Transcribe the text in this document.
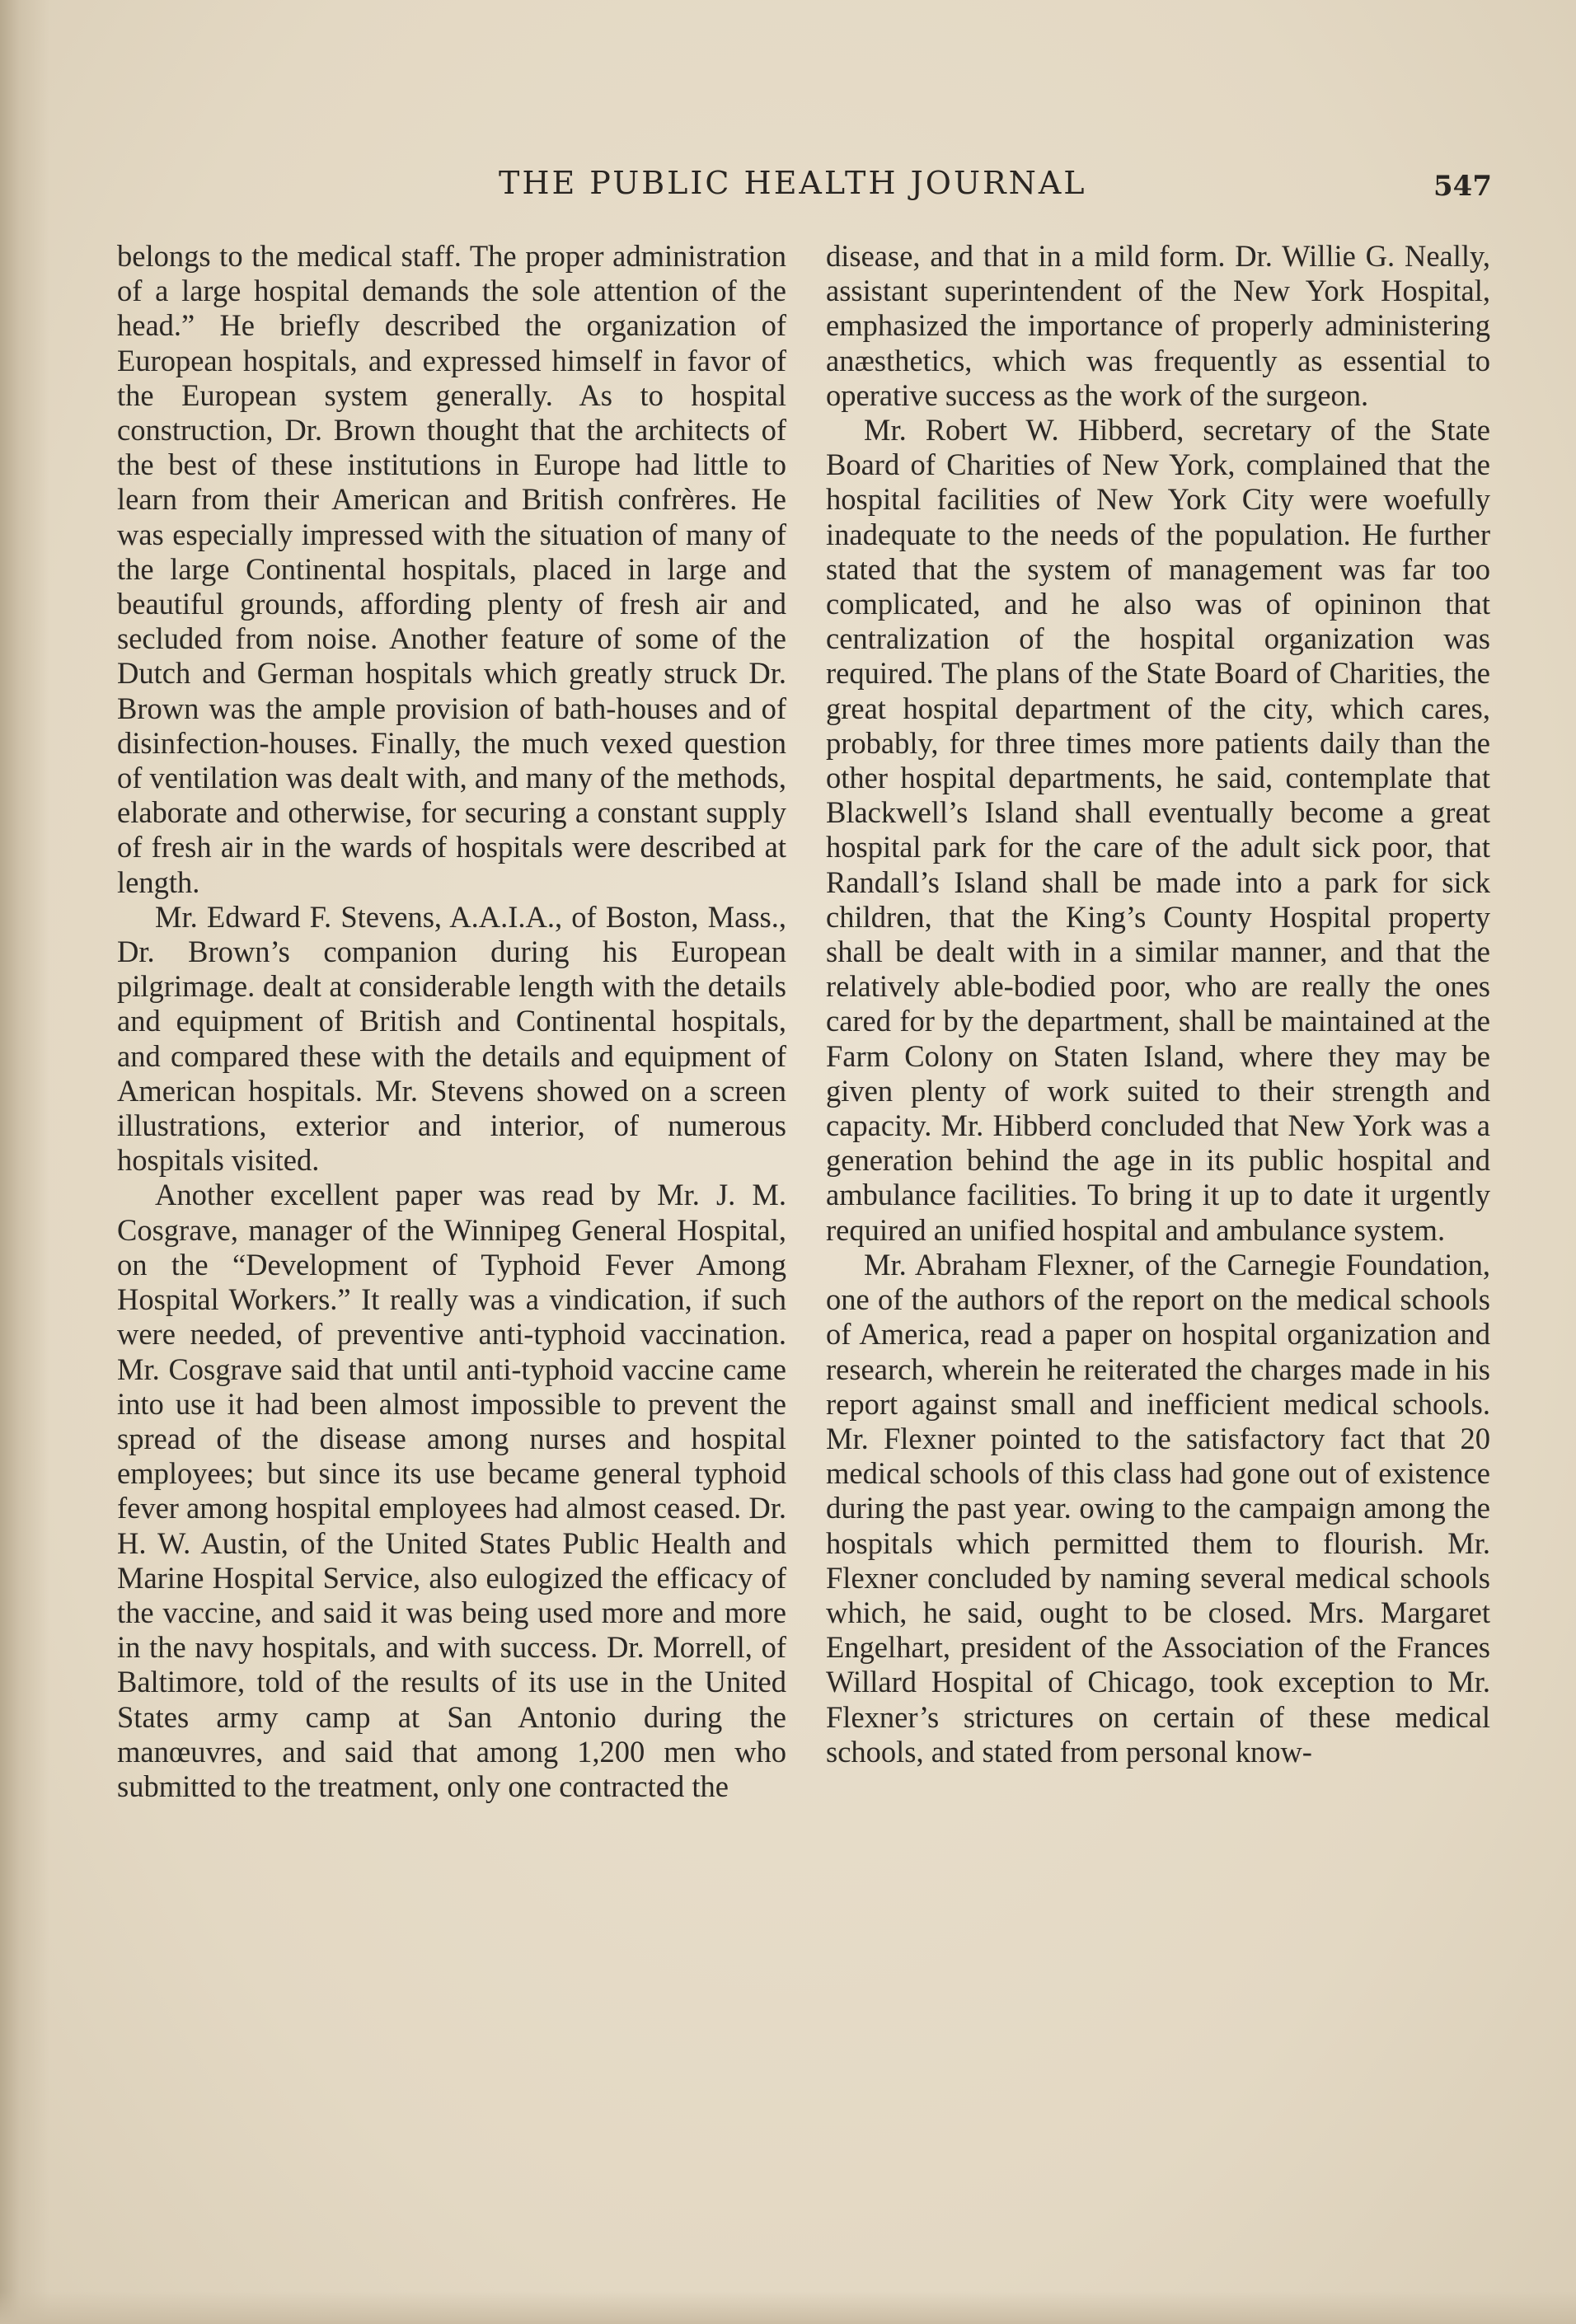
THE PUBLIC HEALTH JOURNAL	547

belongs to the medical staff. The proper administration of a large hospital demands the sole attention of the head.” He briefly described the organization of European hospitals, and expressed himself in favor of the European system generally. As to hospital construction, Dr. Brown thought that the architects of the best of these institutions in Europe had little to learn from their American and British confrères. He was especially impressed with the situation of many of the large Continental hospitals, placed in large and beautiful grounds, affording plenty of fresh air and secluded from noise. Another feature of some of the Dutch and German hospitals which greatly struck Dr. Brown was the ample provision of bath-houses and of disinfection-houses. Finally, the much vexed question of ventilation was dealt with, and many of the methods, elaborate and otherwise, for securing a constant supply of fresh air in the wards of hospitals were described at length.

Mr. Edward F. Stevens, A.A.I.A., of Boston, Mass., Dr. Brown’s companion during his European pilgrimage. dealt at considerable length with the details and equipment of British and Continental hospitals, and compared these with the details and equipment of American hospitals. Mr. Stevens showed on a screen illustrations, exterior and interior, of numerous hospitals visited.

Another excellent paper was read by Mr. J. M. Cosgrave, manager of the Winnipeg General Hospital, on the “Development of Typhoid Fever Among Hospital Workers.” It really was a vindication, if such were needed, of preventive anti-typhoid vaccination. Mr. Cosgrave said that until anti-typhoid vaccine came into use it had been almost impossible to prevent the spread of the disease among nurses and hospital employees; but since its use became general typhoid fever among hospital employees had almost ceased. Dr. H. W. Austin, of the United States Public Health and Marine Hospital Service, also eulogized the efficacy of the vaccine, and said it was being used more and more in the navy hospitals, and with success. Dr. Morrell, of Baltimore, told of the results of its use in the United States army camp at San Antonio during the manœuvres, and said that among 1,200 men who submitted to the treatment, only one contracted the

disease, and that in a mild form. Dr. Willie G. Neally, assistant superintendent of the New York Hospital, emphasized the importance of properly administering anæsthetics, which was frequently as essential to operative success as the work of the surgeon.

Mr. Robert W. Hibberd, secretary of the State Board of Charities of New York, complained that the hospital facilities of New York City were woefully inadequate to the needs of the population. He further stated that the system of management was far too complicated, and he also was of opininon that centralization of the hospital organization was required. The plans of the State Board of Charities, the great hospital department of the city, which cares, probably, for three times more patients daily than the other hospital departments, he said, contemplate that Blackwell’s Island shall eventually become a great hospital park for the care of the adult sick poor, that Randall’s Island shall be made into a park for sick children, that the King’s County Hospital property shall be dealt with in a similar manner, and that the relatively able-bodied poor, who are really the ones cared for by the department, shall be maintained at the Farm Colony on Staten Island, where they may be given plenty of work suited to their strength and capacity. Mr. Hibberd concluded that New York was a generation behind the age in its public hospital and ambulance facilities. To bring it up to date it urgently required an unified hospital and ambulance system.

Mr. Abraham Flexner, of the Carnegie Foundation, one of the authors of the report on the medical schools of America, read a paper on hospital organization and research, wherein he reiterated the charges made in his report against small and inefficient medical schools. Mr. Flexner pointed to the satisfactory fact that 20 medical schools of this class had gone out of existence during the past year. owing to the campaign among the hospitals which permitted them to flourish. Mr. Flexner concluded by naming several medical schools which, he said, ought to be closed. Mrs. Margaret Engelhart, president of the Association of the Frances Willard Hospital of Chicago, took exception to Mr. Flexner’s strictures on certain of these medical schools, and stated from personal know-
